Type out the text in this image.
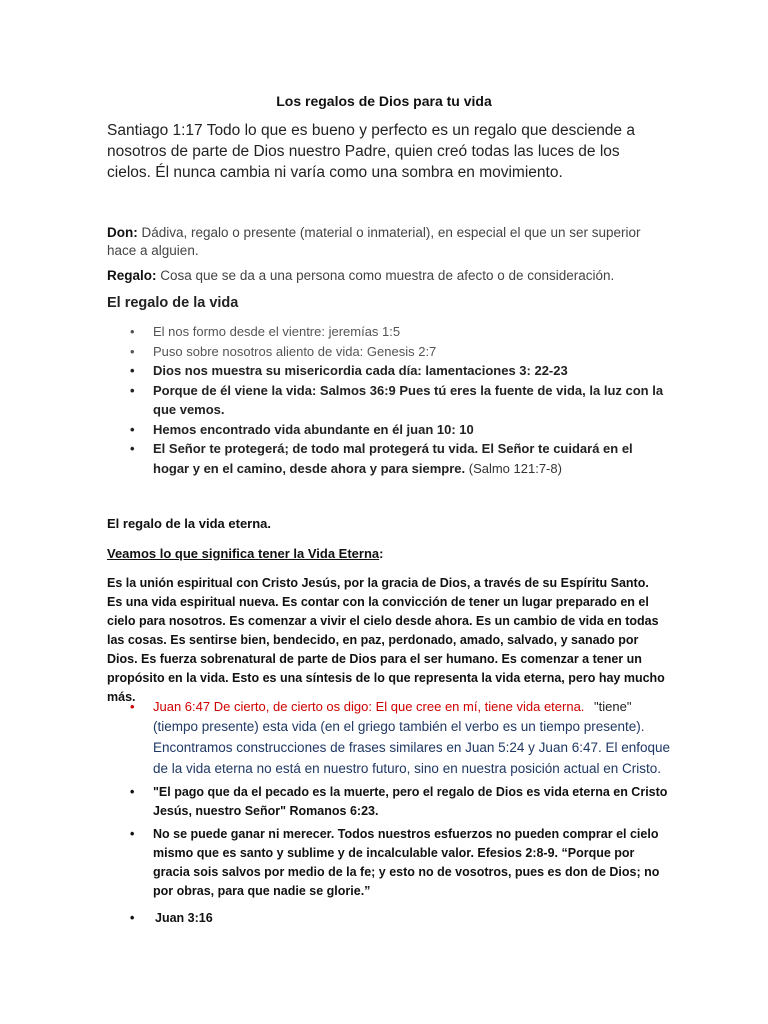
Los regalos de Dios para tu vida
Santiago 1:17 Todo lo que es bueno y perfecto es un regalo que desciende a nosotros de parte de Dios nuestro Padre, quien creó todas las luces de los cielos. Él nunca cambia ni varía como una sombra en movimiento.
Don: Dádiva, regalo o presente (material o inmaterial), en especial el que un ser superior hace a alguien.
Regalo: Cosa que se da a una persona como muestra de afecto o de consideración.
El regalo de la vida
• El nos formo desde el vientre: jeremías 1:5
• Puso sobre nosotros aliento de vida: Genesis 2:7
• Dios nos muestra su misericordia cada día: lamentaciones 3: 22-23
• Porque de él viene la vida: Salmos 36:9 Pues tú eres la fuente de vida, la luz con la que vemos.
• Hemos encontrado vida abundante en él juan 10: 10
• El Señor te protegerá; de todo mal protegerá tu vida. El Señor te cuidará en el hogar y en el camino, desde ahora y para siempre. (Salmo 121:7-8)
El regalo de la vida eterna.
Veamos lo que significa tener la Vida Eterna:
Es la unión espiritual con Cristo Jesús, por la gracia de Dios, a través de su Espíritu Santo. Es una vida espiritual nueva. Es contar con la convicción de tener un lugar preparado en el cielo para nosotros. Es comenzar a vivir el cielo desde ahora. Es un cambio de vida en todas las cosas. Es sentirse bien, bendecido, en paz, perdonado, amado, salvado, y sanado por Dios. Es fuerza sobrenatural de parte de Dios para el ser humano. Es comenzar a tener un propósito en la vida. Esto es una síntesis de lo que representa la vida eterna, pero hay mucho más.
• Juan 6:47 De cierto, de cierto os digo: El que cree en mí, tiene vida eterna. "tiene" (tiempo presente) esta vida (en el griego también el verbo es un tiempo presente). Encontramos construcciones de frases similares en Juan 5:24 y Juan 6:47. El enfoque de la vida eterna no está en nuestro futuro, sino en nuestra posición actual en Cristo.
• "El pago que da el pecado es la muerte, pero el regalo de Dios es vida eterna en Cristo Jesús, nuestro Señor" Romanos 6:23.
• No se puede ganar ni merecer. Todos nuestros esfuerzos no pueden comprar el cielo mismo que es santo y sublime y de incalculable valor. Efesios 2:8-9. “Porque por gracia sois salvos por medio de la fe; y esto no de vosotros, pues es don de Dios; no por obras, para que nadie se glorie.”
• Juan 3:16
